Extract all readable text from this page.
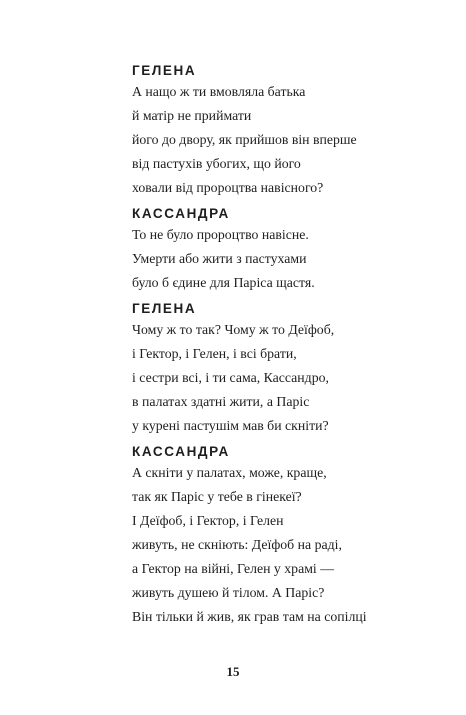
ГЕЛЕНА
А нащо ж ти вмовляла батька
й матір не приймати
його до двору, як прийшов він вперше
від пастухів убогих, що його
ховали від пророцтва навісного?
КАССАНДРА
То не було пророцтво навісне.
Умерти або жити з пастухами
було б єдине для Паріса щастя.
ГЕЛЕНА
Чому ж то так? Чому ж то Деїфоб,
і Гектор, і Гелен, і всі брати,
і сестри всі, і ти сама, Кассандро,
в палатах здатні жити, а Паріс
у курені пастушім мав би скніти?
КАССАНДРА
А скніти у палатах, може, краще,
так як Паріс у тебе в гінекеї?
І Деїфоб, і Гектор, і Гелен
живуть, не скніють: Деїфоб на раді,
а Гектор на війні, Гелен у храмі —
живуть душею й тілом. А Паріс?
Він тільки й жив, як грав там на сопілці
15
